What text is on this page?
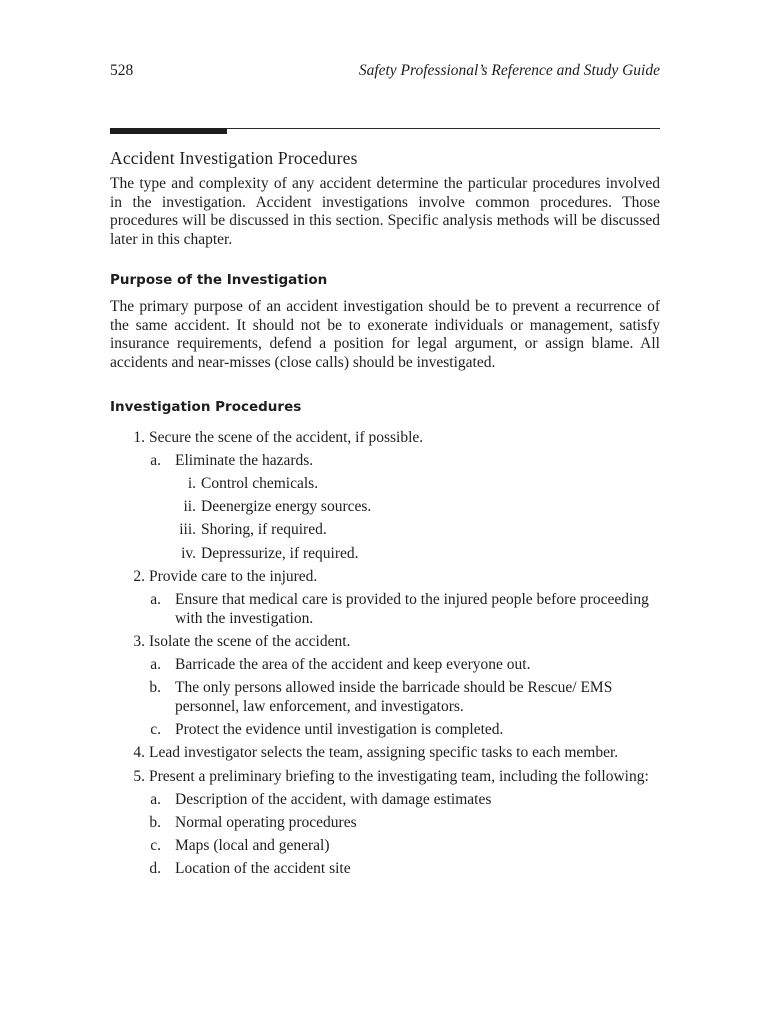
528	Safety Professional’s Reference and Study Guide
Accident Investigation Procedures

The type and complexity of any accident determine the particular procedures involved in the investigation. Accident investigations involve common procedures. Those procedures will be discussed in this section. Specific analysis methods will be discussed later in this chapter.

Purpose of the Investigation

The primary purpose of an accident investigation should be to prevent a recurrence of the same accident. It should not be to exonerate individuals or management, satisfy insurance requirements, defend a position for legal argument, or assign blame. All accidents and near-misses (close calls) should be investigated.

Investigation Procedures
1. Secure the scene of the accident, if possible.
a. Eliminate the hazards.
i. Control chemicals.
ii. Deenergize energy sources.
iii. Shoring, if required.
iv. Depressurize, if required.
2. Provide care to the injured.
a. Ensure that medical care is provided to the injured people before proceeding with the investigation.
3. Isolate the scene of the accident.
a. Barricade the area of the accident and keep everyone out.
b. The only persons allowed inside the barricade should be Rescue/ EMS personnel, law enforcement, and investigators.
c. Protect the evidence until investigation is completed.
4. Lead investigator selects the team, assigning specific tasks to each member.
5. Present a preliminary briefing to the investigating team, including the following:
a. Description of the accident, with damage estimates
b. Normal operating procedures
c. Maps (local and general)
d. Location of the accident site
